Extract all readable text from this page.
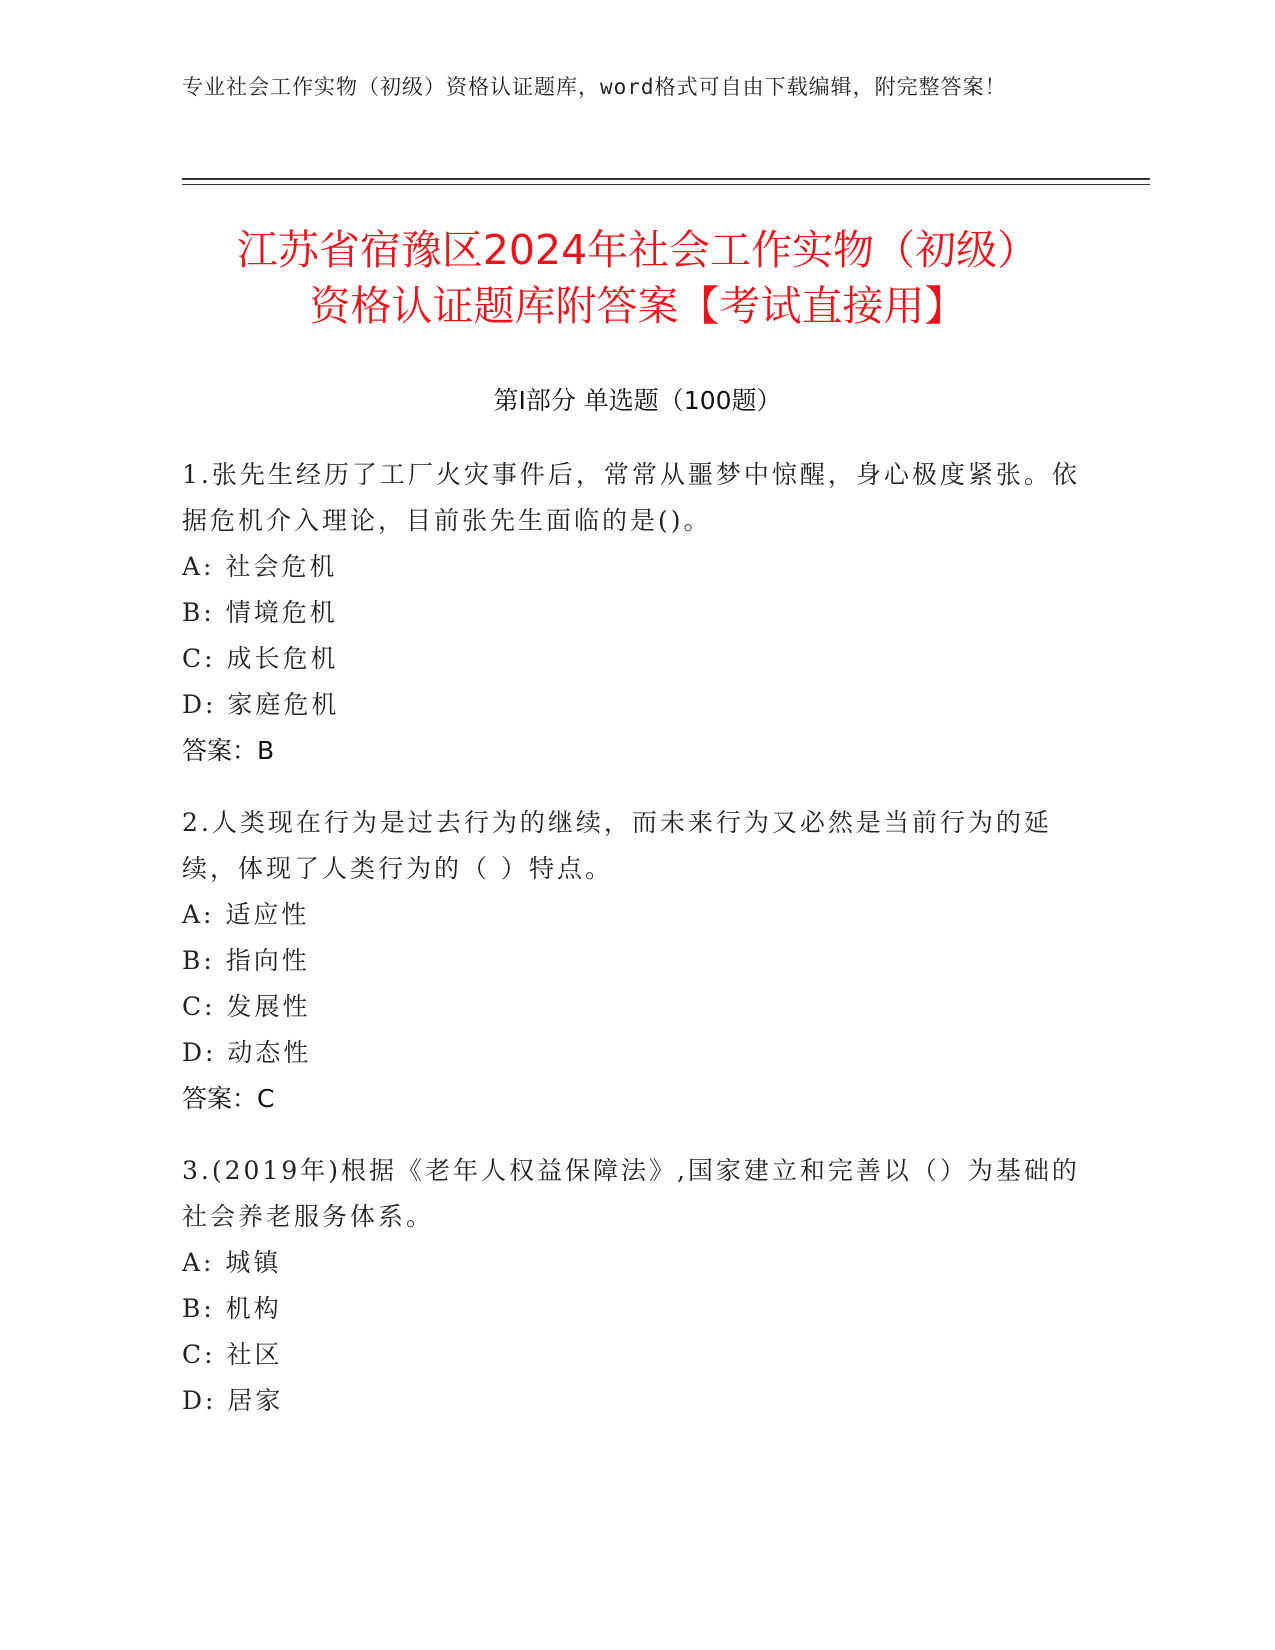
专业社会工作实物（初级）资格认证题库，word格式可自由下载编辑，附完整答案！
江苏省宿豫区2024年社会工作实物（初级）
资格认证题库附答案【考试直接用】
第I部分 单选题（100题）

1.张先生经历了工厂火灾事件后，常常从噩梦中惊醒，身心极度紧张。依据危机介入理论，目前张先生面临的是()。

A: 社会危机

B: 情境危机

C: 成长危机

D: 家庭危机

答案：B

2.人类现在行为是过去行为的继续，而未来行为又必然是当前行为的延续，体现了人类行为的（ ）特点。

A: 适应性

B: 指向性

C: 发展性

D: 动态性

答案：C

3.(2019年)根据《老年人权益保障法》,国家建立和完善以（）为基础的社会养老服务体系。

A: 城镇

B: 机构

C: 社区

D: 居家
